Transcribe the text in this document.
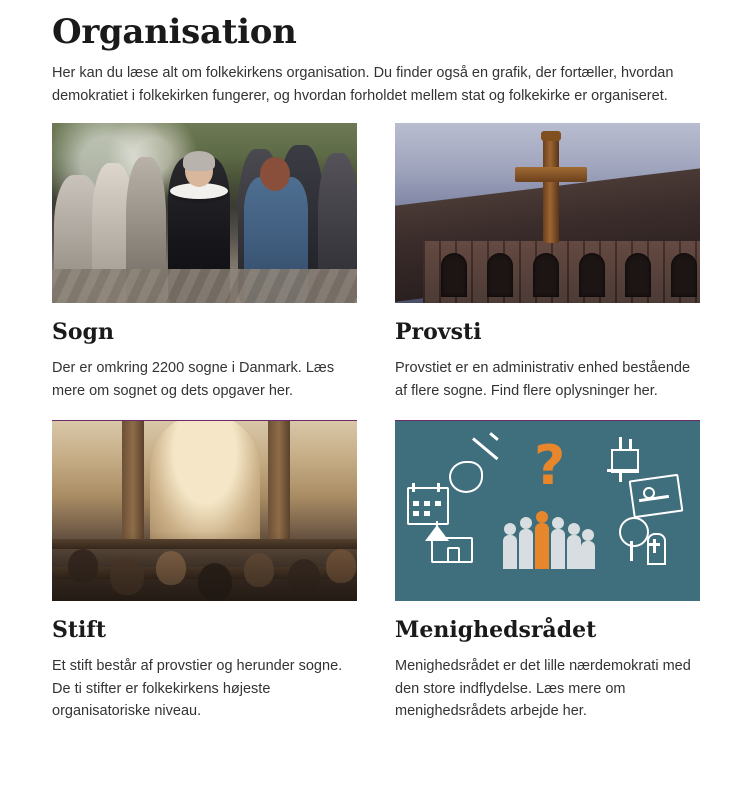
Organisation

Her kan du læse alt om folkekirkens organisation. Du finder også en grafik, der fortæller, hvordan demokratiet i folkekirken fungerer, og hvordan forholdet mellem stat og folkekirke er organiseret.

Sogn

Der er omkring 2200 sogne i Danmark. Læs mere om sognet og dets opgaver her.

Provsti

Provstiet er en administrativ enhed bestående af flere sogne. Find flere oplysninger her.

Stift

Et stift består af provstier og herunder sogne. De ti stifter er folkekirkens højeste organisatoriske niveau.

?
Menighedsrådet

Menighedsrådet er det lille nærdemokrati med den store indflydelse. Læs mere om menighedsrådets arbejde her.
